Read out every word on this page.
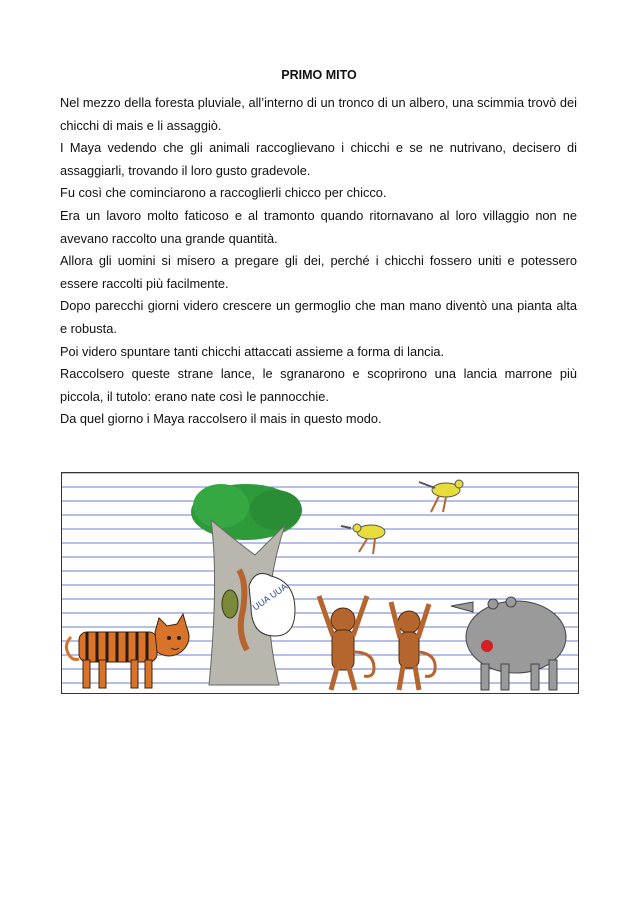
PRIMO MITO

Nel mezzo della foresta pluviale, all’interno di un tronco di un albero, una scimmia trovò dei chicchi di mais e li assaggiò.

I Maya vedendo che gli animali raccoglievano i chicchi e se ne nutrivano, decisero di assaggiarli, trovando il loro gusto gradevole.

Fu così che cominciarono a raccoglierli chicco per chicco.

Era un lavoro molto faticoso e al tramonto quando ritornavano al loro villaggio non ne avevano raccolto una grande quantità.

Allora gli uomini si misero a pregare gli dei, perché i chicchi fossero uniti e potessero essere raccolti più facilmente.

Dopo parecchi giorni videro crescere un germoglio che man mano diventò una pianta alta e robusta.

Poi videro spuntare tanti chicchi attaccati assieme a forma di lancia.

Raccolsero queste strane lance, le sgranarono e scoprirono una lancia marrone più piccola, il tutolo: erano nate così le pannocchie.

Da quel giorno i Maya raccolsero il mais in questo modo.

UUA UUA
